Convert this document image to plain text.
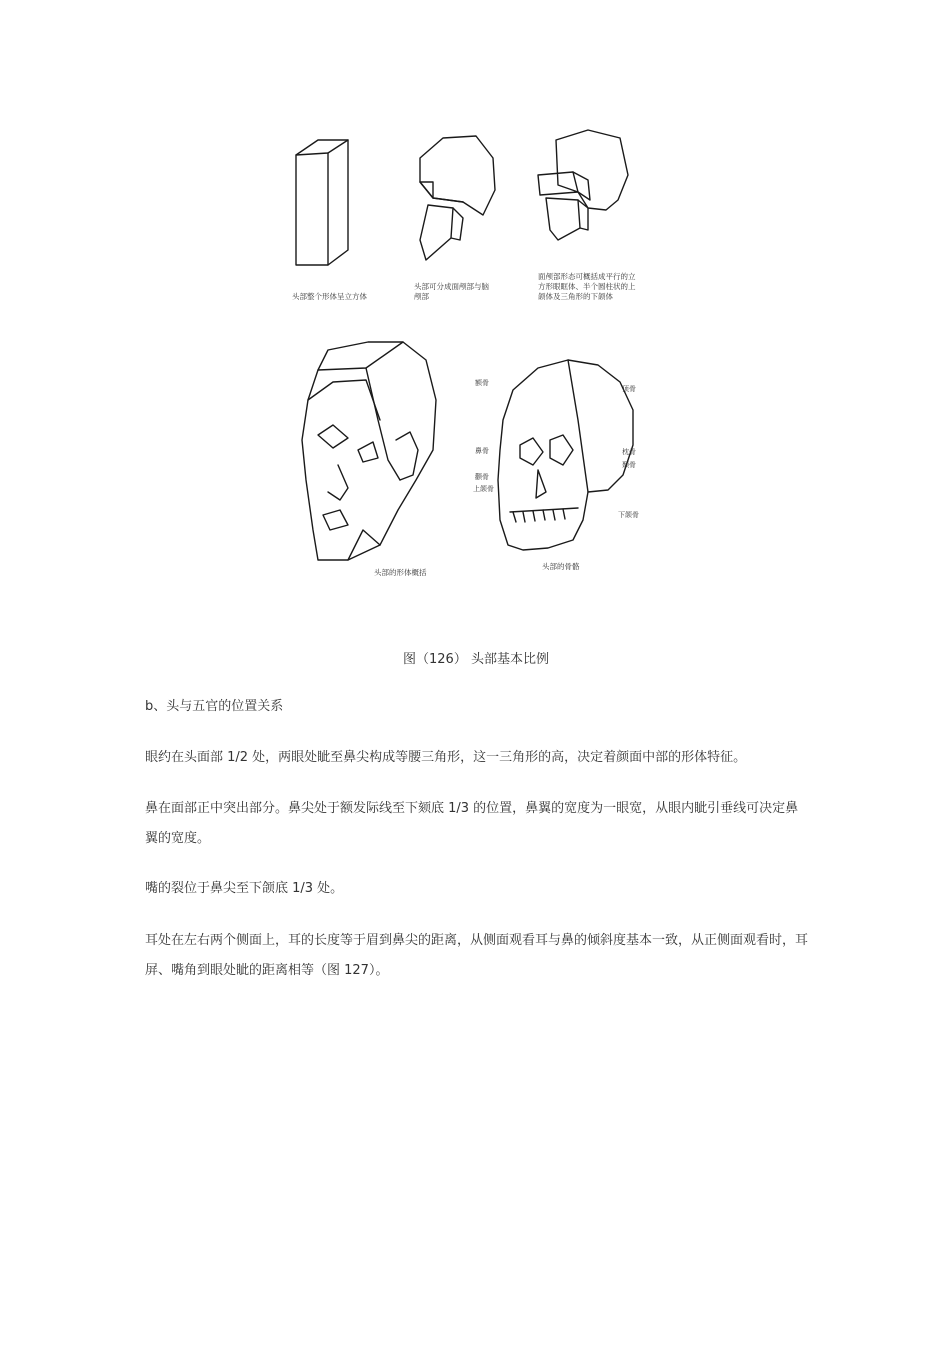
头部整个形体呈立方体
头部可分成面颅部与脑颅部
面颅部形态可概括成平行的立方形眼眶体、半个圆柱状的上颌体及三角形的下颌体
头部的形体概括
头部的骨骼
额骨
顶骨
鼻骨
颧骨
上颌骨
枕骨
颞骨
下颌骨
图（126） 头部基本比例
b、头与五官的位置关系
眼约在头面部 1/2 处，两眼处眦至鼻尖构成等腰三角形，这一三角形的高，决定着颜面中部的形体特征。
鼻在面部正中突出部分。鼻尖处于额发际线至下颏底 1/3 的位置，鼻翼的宽度为一眼宽，从眼内眦引垂线可决定鼻翼的宽度。
嘴的裂位于鼻尖至下颌底 1/3 处。
耳处在左右两个侧面上，耳的长度等于眉到鼻尖的距离，从侧面观看耳与鼻的倾斜度基本一致，从正侧面观看时，耳屏、嘴角到眼处眦的距离相等（图 127）。
